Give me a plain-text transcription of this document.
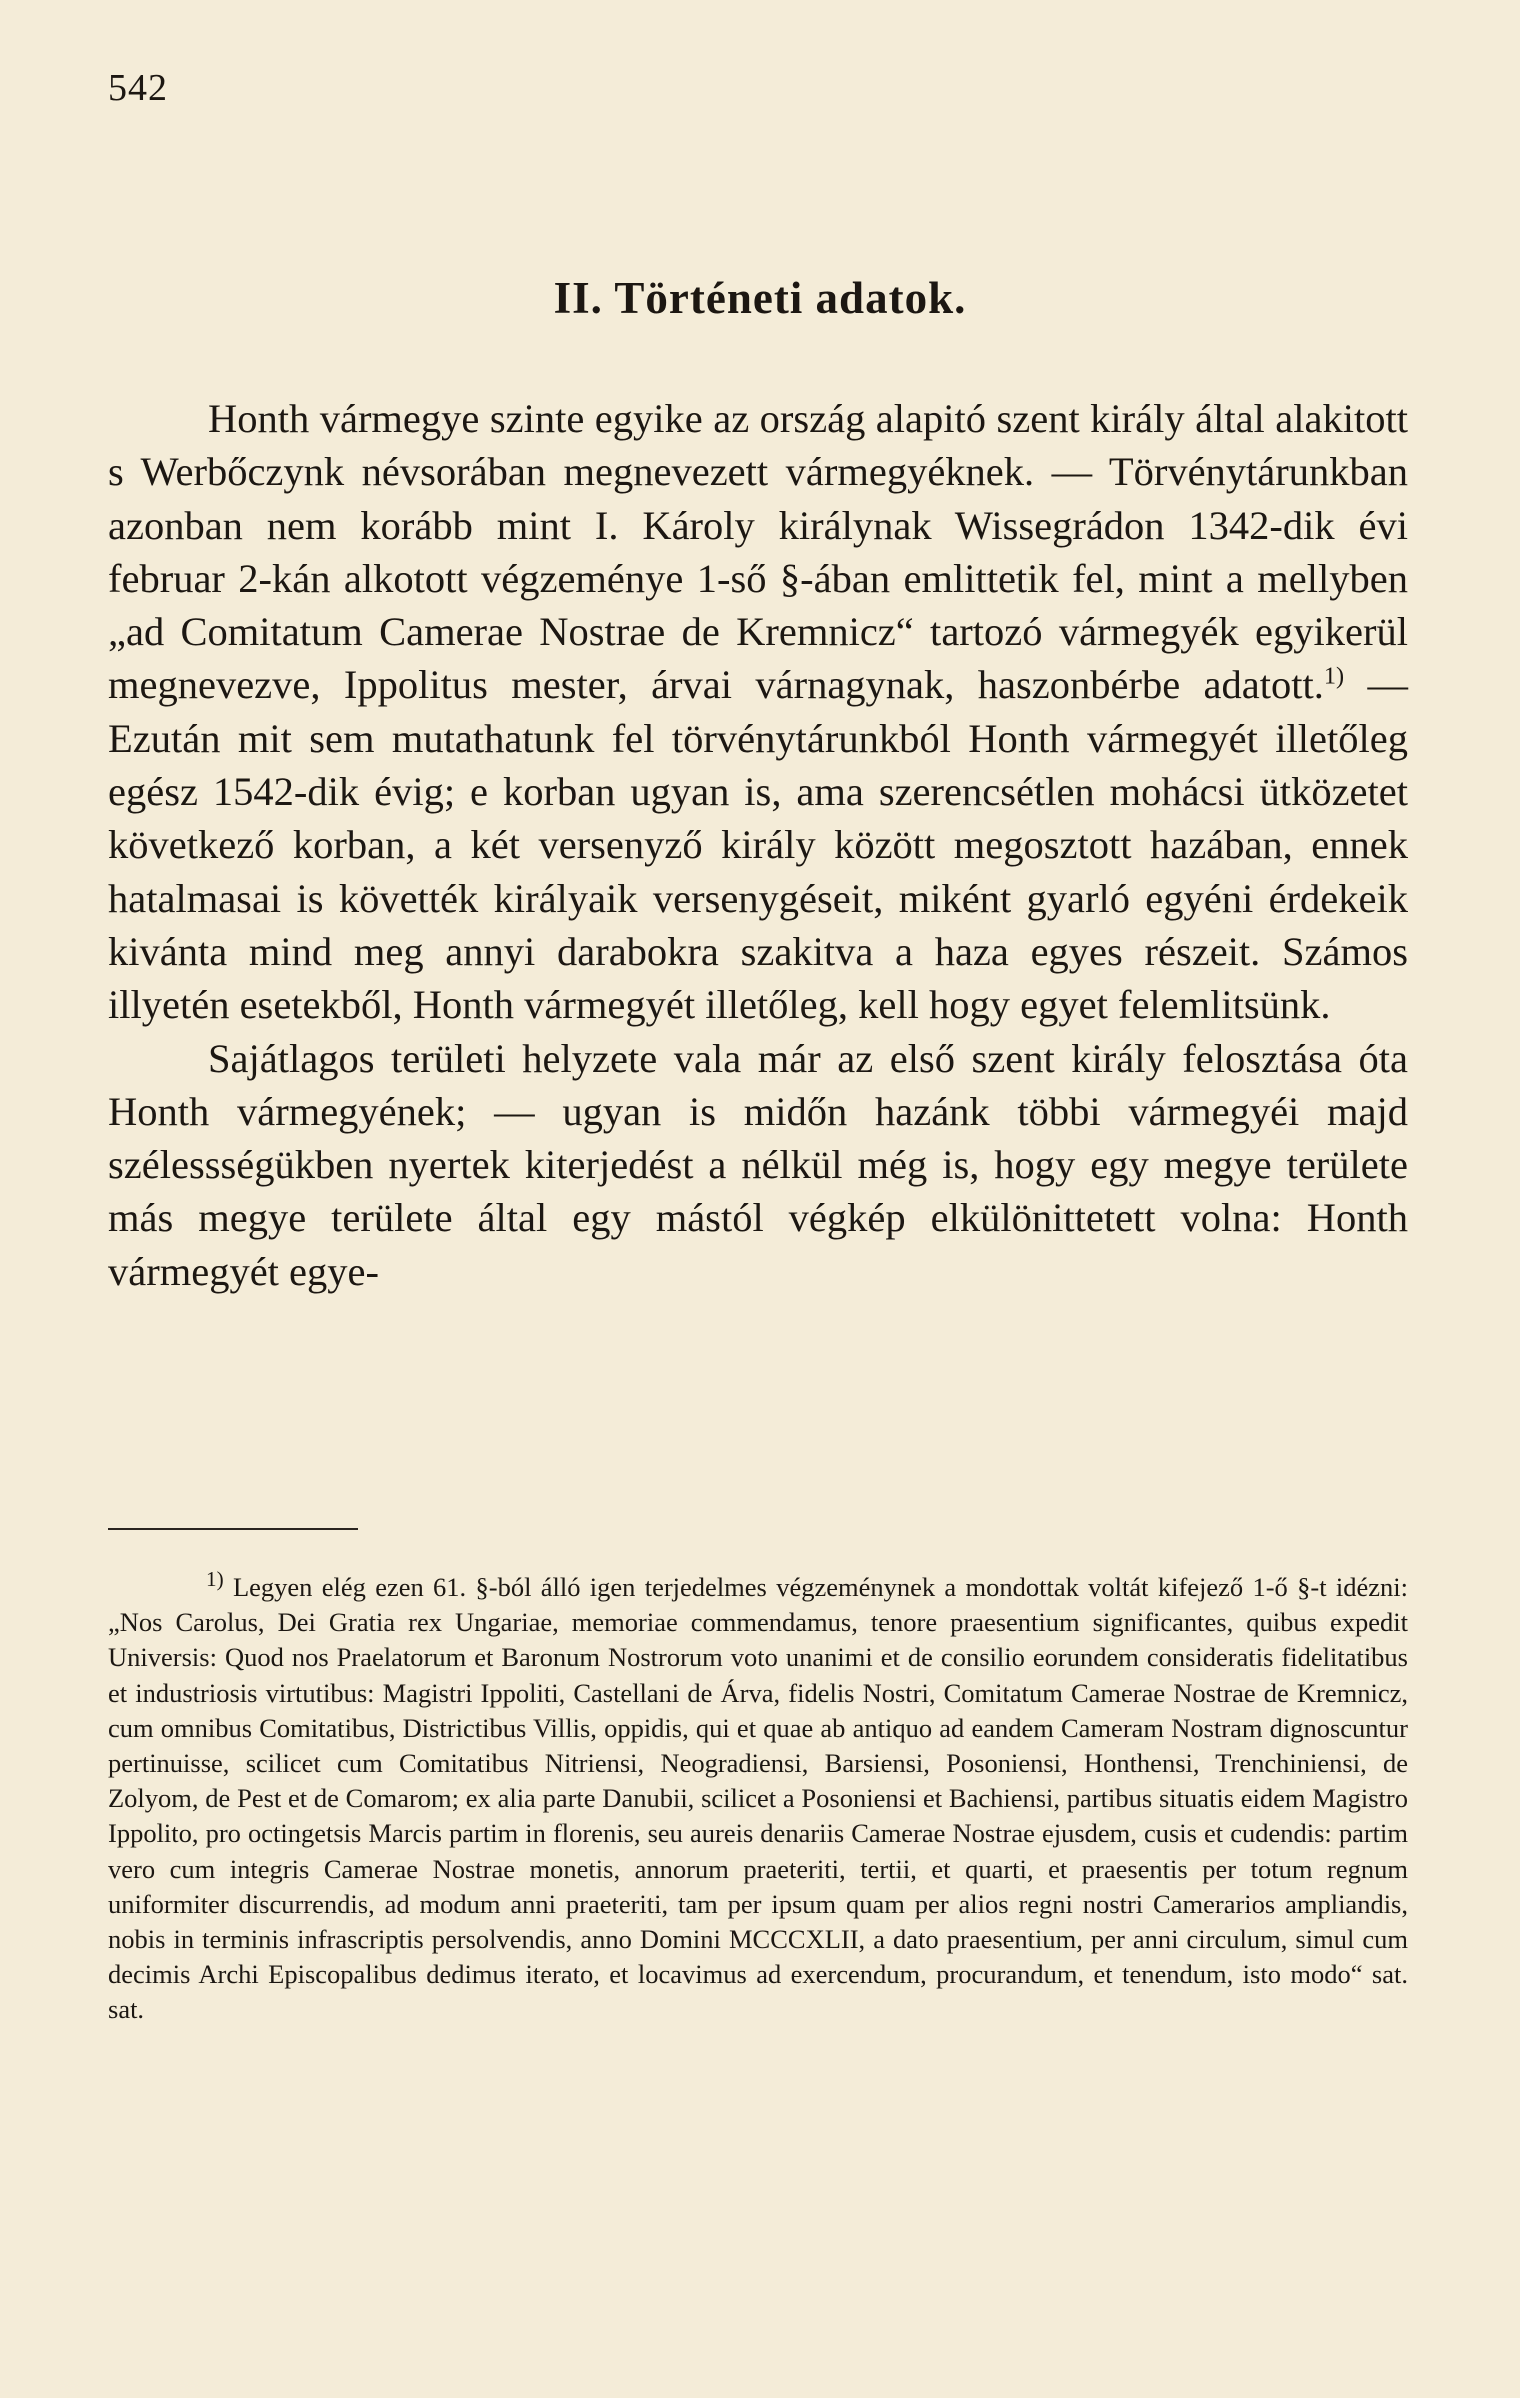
542
II. Történeti adatok.

Honth vármegye szinte egyike az ország alapitó szent király által alakitott s Werbőczynk névsorában megnevezett vármegyéknek. — Törvénytárunkban azonban nem korább mint I. Károly királynak Wissegrádon 1342-dik évi februar 2-kán alkotott végzeménye 1-ső §-ában emlittetik fel, mint a mellyben „ad Comitatum Camerae Nostrae de Kremnicz“ tartozó vármegyék egyikerül megnevezve, Ippolitus mester, árvai várnagynak, haszonbérbe adatott.$^{1)}$ — Ezután mit sem mutathatunk fel törvénytárunkból Honth vármegyét illetőleg egész 1542-dik évig; e korban ugyan is, ama szerencsétlen mohácsi ütközetet következő korban, a két versenyző király között megosztott hazában, ennek hatalmasai is követték királyaik versenygéseit, miként gyarló egyéni érdekeik kivánta mind meg annyi darabokra szakitva a haza egyes részeit. Számos illyetén esetekből, Honth vármegyét illetőleg, kell hogy egyet felemlitsünk.

Sajátlagos területi helyzete vala már az első szent király felosztása óta Honth vármegyének; — ugyan is midőn hazánk többi vármegyéi majd szélessségükben nyertek kiterjedést a nélkül még is, hogy egy megye területe más megye területe által egy mástól végkép elkülönittetett volna: Honth vármegyét egye-

$^{1)}$ Legyen elég ezen 61. §-ból álló igen terjedelmes végzeménynek a mondottak voltát kifejező 1-ő §-t idézni: „Nos Carolus, Dei Gratia rex Ungariae, memoriae commendamus, tenore praesentium significantes, quibus expedit Universis: Quod nos Praelatorum et Baronum Nostrorum voto unanimi et de consilio eorundem consideratis fidelitatibus et industriosis virtutibus: Magistri Ippoliti, Castellani de Árva, fidelis Nostri, Comitatum Camerae Nostrae de Kremnicz, cum omnibus Comitatibus, Districtibus Villis, oppidis, qui et quae ab antiquo ad eandem Cameram Nostram dignoscuntur pertinuisse, scilicet cum Comitatibus Nitriensi, Neogradiensi, Barsiensi, Posoniensi, Honthensi, Trenchiniensi, de Zolyom, de Pest et de Comarom; ex alia parte Danubii, scilicet a Posoniensi et Bachiensi, partibus situatis eidem Magistro Ippolito, pro octingetsis Marcis partim in florenis, seu aureis denariis Camerae Nostrae ejusdem, cusis et cudendis: partim vero cum integris Camerae Nostrae monetis, annorum praeteriti, tertii, et quarti, et praesentis per totum regnum uniformiter discurrendis, ad modum anni praeteriti, tam per ipsum quam per alios regni nostri Camerarios ampliandis, nobis in terminis infrascriptis persolvendis, anno Domini MCCCXLII, a dato praesentium, per anni circulum, simul cum decimis Archi Episcopalibus dedimus iterato, et locavimus ad exercendum, procurandum, et tenendum, isto modo“ sat. sat.
